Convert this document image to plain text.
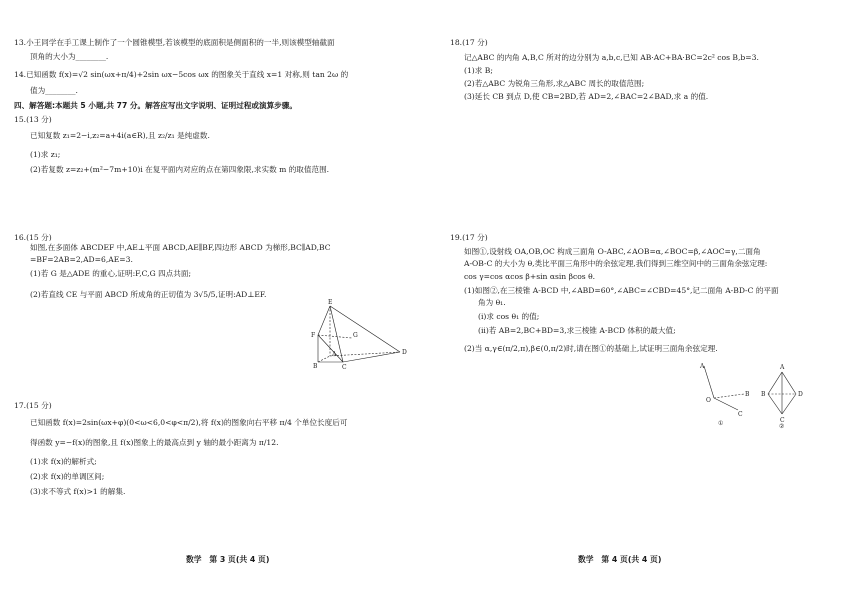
13.小王同学在手工课上制作了一个圆锥模型,若该模型的底面积是侧面积的一半,则该模型轴截面
顶角的大小为________.
14.已知函数 f(x)=√2 sin(ωx+π/4)+2sin ωx−5cos ωx 的图象关于直线 x=1 对称,则 tan 2ω 的
值为________.
四、解答题:本题共 5 小题,共 77 分。解答应写出文字说明、证明过程或演算步骤。
15.(13 分)
已知复数 z₁=2−i,z₂=a+4i(a∈R),且 z₂/z₁ 是纯虚数.
(1)求 z₁;
(2)若复数 z=z₂+(m²−7m+10)i 在复平面内对应的点在第四象限,求实数 m 的取值范围.
16.(15 分)
如图,在多面体 ABCDEF 中,AE⊥平面 ABCD,AE∥BF,四边形 ABCD 为梯形,BC∥AD,BC
=BF=2AB=2,AD=6,AE=3.
(1)若 G 是△ADE 的重心,证明:F,C,G 四点共面;
(2)若直线 CE 与平面 ABCD 所成角的正切值为 3√5/5,证明:AD⊥EF.
E
F	G
A
B	C
D
17.(15 分)
已知函数 f(x)=2sin(ωx+φ)(0<ω<6,0<φ<π/2),将 f(x)的图象向右平移 π/4 个单位长度后可
得函数 y=−f(x)的图象,且 f(x)图象上的最高点到 y 轴的最小距离为 π/12.
(1)求 f(x)的解析式;
(2)求 f(x)的单调区间;
(3)求不等式 f(x)>1 的解集.
数学　第 3 页(共 4 页)
18.(17 分)
记△ABC 的内角 A,B,C 所对的边分别为 a,b,c,已知 AB·AC+BA·BC=2c² cos B,b=3.
(1)求 B;
(2)若△ABC 为锐角三角形,求△ABC 周长的取值范围;
(3)延长 CB 到点 D,使 CB=2BD,若 AD=2,∠BAC=2∠BAD,求 a 的值.
19.(17 分)
如图①,设射线 OA,OB,OC 构成三面角 O-ABC,∠AOB=α,∠BOC=β,∠AOC=γ,二面角
A-OB-C 的大小为 θ,类比平面三角形中的余弦定理,我们得到三维空间中的三面角余弦定理:
cos γ=cos αcos β+sin αsin βcos θ.
(1)如图②,在三棱锥 A-BCD 中,∠ABD=60°,∠ABC=∠CBD=45°,记二面角 A-BD-C 的平面
角为 θ₁.
(i)求 cos θ₁ 的值;
(ii)若 AB=2,BC+BD=3,求三棱锥 A-BCD 体积的最大值;
(2)当 α,γ∈(π/2,π),β∈(0,π/2)时,请在图①的基础上,试证明三面角余弦定理.
A
O
B
C
①
A
B
C
D
②
数学　第 4 页(共 4 页)
